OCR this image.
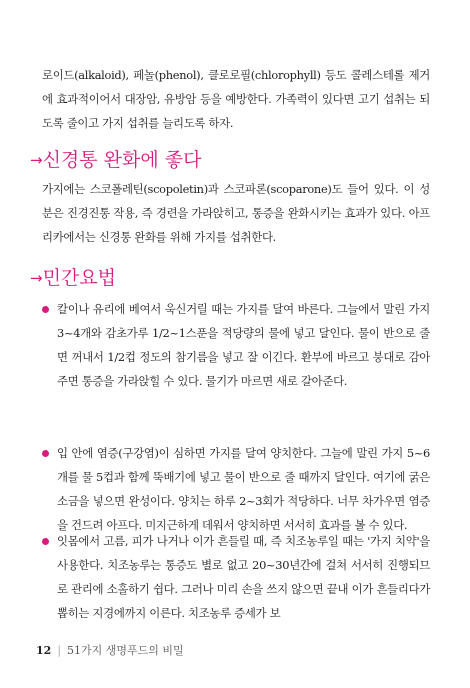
로이드(alkaloid), 페놀(phenol), 클로로필(chlorophyll) 등도 콜레스테롤 제거에 효과적이어서 대장암, 유방암 등을 예방한다. 가족력이 있다면 고기 섭취는 되도록 줄이고 가지 섭취를 늘리도록 하자.

→ 신경통 완화에 좋다

가지에는 스코폴레틴(scopoletin)과 스코파론(scoparone)도 들어 있다. 이 성분은 진경진통 작용, 즉 경련을 가라앉히고, 통증을 완화시키는 효과가 있다. 아프리카에서는 신경통 완화를 위해 가지를 섭취한다.

→ 민간요법

칼이나 유리에 베여서 욱신거릴 때는 가지를 달여 바른다. 그늘에서 말린 가지 3~4개와 감초가루 1/2~1스푼을 적당량의 물에 넣고 달인다. 물이 반으로 줄면 꺼내서 1/2컵 정도의 참기름을 넣고 잘 이긴다. 환부에 바르고 붕대로 감아주면 통증을 가라앉힐 수 있다. 물기가 마르면 새로 갈아준다.

입 안에 염증(구강염)이 심하면 가지를 달여 양치한다. 그늘에 말린 가지 5~6개를 물 5컵과 함께 뚝배기에 넣고 물이 반으로 줄 때까지 달인다. 여기에 굵은 소금을 넣으면 완성이다. 양치는 하루 2~3회가 적당하다. 너무 차가우면 염증을 건드려 아프다. 미지근하게 데워서 양치하면 서서히 효과를 볼 수 있다.

잇몸에서 고름, 피가 나거나 이가 흔들릴 때, 즉 치조농루일 때는 '가지 치약'을 사용한다. 치조농루는 통증도 별로 없고 20~30년간에 걸쳐 서서히 진행되므로 관리에 소홀하기 쉽다. 그러나 미리 손을 쓰지 않으면 끝내 이가 흔들리다가 뽑히는 지경에까지 이른다. 치조농루 증세가 보

12 | 51가지 생명푸드의 비밀
